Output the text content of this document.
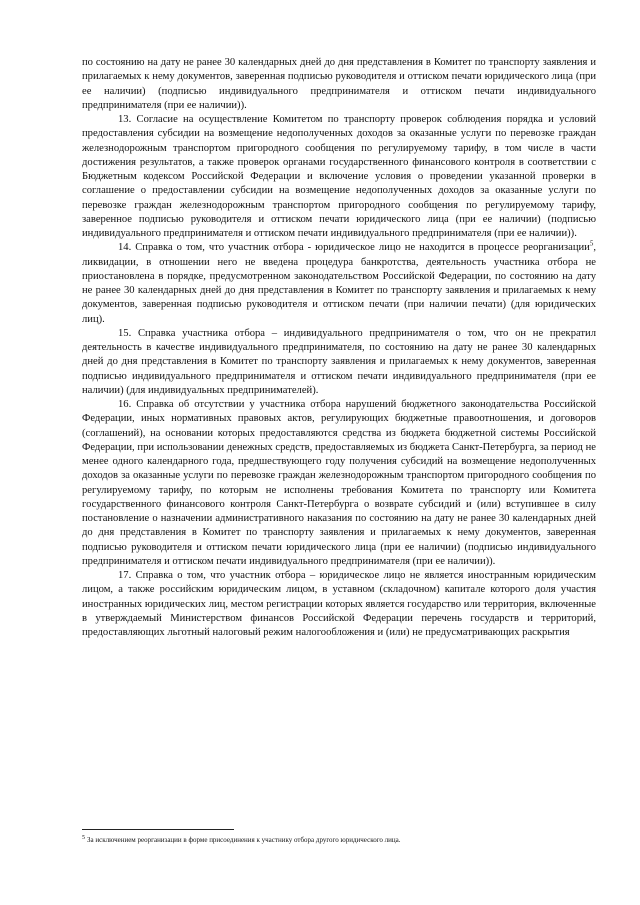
по состоянию на дату не ранее 30 календарных дней до дня представления в Комитет по транспорту заявления и прилагаемых к нему документов, заверенная подписью руководителя и оттиском печати юридического лица (при ее наличии) (подписью индивидуального предпринимателя и оттиском печати индивидуального предпринимателя (при ее наличии)).

13. Согласие на осуществление Комитетом по транспорту проверок соблюдения порядка и условий предоставления субсидии на возмещение недополученных доходов за оказанные услуги по перевозке граждан железнодорожным транспортом пригородного сообщения по регулируемому тарифу, в том числе в части достижения результатов, а также проверок органами государственного финансового контроля в соответствии с Бюджетным кодексом Российской Федерации и включение условия о проведении указанной проверки в соглашение о предоставлении субсидии на возмещение недополученных доходов за оказанные услуги по перевозке граждан железнодорожным транспортом пригородного сообщения по регулируемому тарифу, заверенное подписью руководителя и оттиском печати юридического лица (при ее наличии) (подписью индивидуального предпринимателя и оттиском печати индивидуального предпринимателя (при ее наличии)).

14. Справка о том, что участник отбора - юридическое лицо не находится в процессе реорганизации$^5$, ликвидации, в отношении него не введена процедура банкротства, деятельность участника отбора не приостановлена в порядке, предусмотренном законодательством Российской Федерации, по состоянию на дату не ранее 30 календарных дней до дня представления в Комитет по транспорту заявления и прилагаемых к нему документов, заверенная подписью руководителя и оттиском печати (при наличии печати) (для юридических лиц).

15. Справка участника отбора – индивидуального предпринимателя о том, что он не прекратил деятельность в качестве индивидуального предпринимателя, по состоянию на дату не ранее 30 календарных дней до дня представления в Комитет по транспорту заявления и прилагаемых к нему документов, заверенная подписью индивидуального предпринимателя и оттиском печати индивидуального предпринимателя (при ее наличии) (для индивидуальных предпринимателей).

16. Справка об отсутствии у участника отбора нарушений бюджетного законодательства Российской Федерации, иных нормативных правовых актов, регулирующих бюджетные правоотношения, и договоров (соглашений), на основании которых предоставляются средства из бюджета бюджетной системы Российской Федерации, при использовании денежных средств, предоставляемых из бюджета Санкт-Петербурга, за период не менее одного календарного года, предшествующего году получения субсидий на возмещение недополученных доходов за оказанные услуги по перевозке граждан железнодорожным транспортом пригородного сообщения по регулируемому тарифу, по которым не исполнены требования Комитета по транспорту или Комитета государственного финансового контроля Санкт-Петербурга о возврате субсидий и (или) вступившее в силу постановление о назначении административного наказания по состоянию на дату не ранее 30 календарных дней до дня представления в Комитет по транспорту заявления и прилагаемых к нему документов, заверенная подписью руководителя и оттиском печати юридического лица (при ее наличии) (подписью индивидуального предпринимателя и оттиском печати индивидуального предпринимателя (при ее наличии)).

17. Справка о том, что участник отбора – юридическое лицо не является иностранным юридическим лицом, а также российским юридическим лицом, в уставном (складочном) капитале которого доля участия иностранных юридических лиц, местом регистрации которых является государство или территория, включенные в утверждаемый Министерством финансов Российской Федерации перечень государств и территорий, предоставляющих льготный налоговый режим налогообложения и (или) не предусматривающих раскрытия

$^5$ За исключением реорганизации в форме присоединения к участнику отбора другого юридического лица.
